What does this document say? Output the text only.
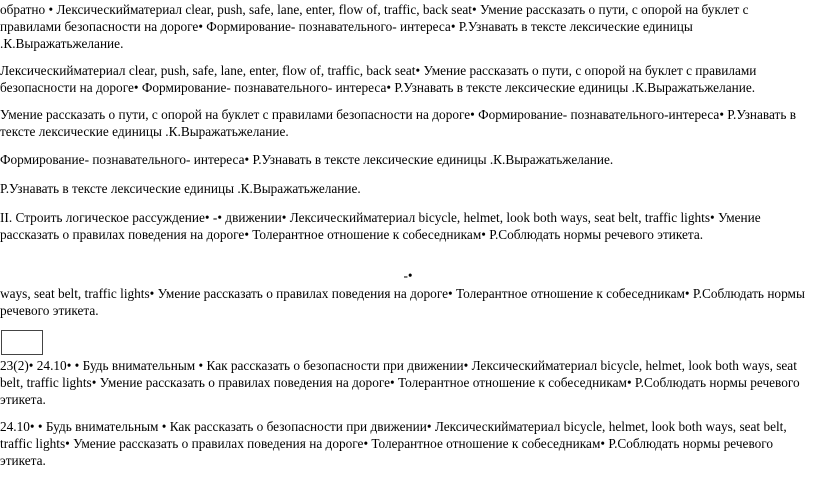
обратно • Лексическийматериал clear, push, safe, lane, enter, flow of, traffic, back seat• Умение рассказать о пути, с опорой на буклет с правилами безопасности на дороге• Формирование- познавательного- интереса• Р.Узнавать в тексте лексические единицы .К.Выражатьжелание.

Лексическийматериал clear, push, safe, lane, enter, flow of, traffic, back seat• Умение рассказать о пути, с опорой на буклет с правилами безопасности на дороге• Формирование- познавательного- интереса• Р.Узнавать в тексте лексические единицы .К.Выражатьжелание.

Умение рассказать о пути, с опорой на буклет с правилами безопасности на дороге• Формирование- познавательного-интереса• Р.Узнавать в тексте лексические единицы .К.Выражатьжелание.

Формирование- познавательного- интереса• Р.Узнавать в тексте лексические единицы .К.Выражатьжелание.

Р.Узнавать в тексте лексические единицы .К.Выражатьжелание.

II. Строить логическое рассуждение• -• движении• Лексическийматериал bicycle, helmet, look both ways, seat belt, traffic lights• Умение рассказать о правилах поведения на дороге• Толерантное отношение к собеседникам• Р.Соблюдать нормы речевого этикета.

-•

ways, seat belt, traffic lights• Умение рассказать о правилах поведения на дороге• Толерантное отношение к собеседникам• Р.Соблюдать нормы речевого этикета.

23(2)• 24.10• • Будь внимательным • Как рассказать о безопасности при движении• Лексическийматериал bicycle, helmet, look both ways, seat belt, traffic lights• Умение рассказать о правилах поведения на дороге• Толерантное отношение к собеседникам• Р.Соблюдать нормы речевого этикета.

24.10• • Будь внимательным • Как рассказать о безопасности при движении• Лексическийматериал bicycle, helmet, look both ways, seat belt, traffic lights• Умение рассказать о правилах поведения на дороге• Толерантное отношение к собеседникам• Р.Соблюдать нормы речевого этикета.
